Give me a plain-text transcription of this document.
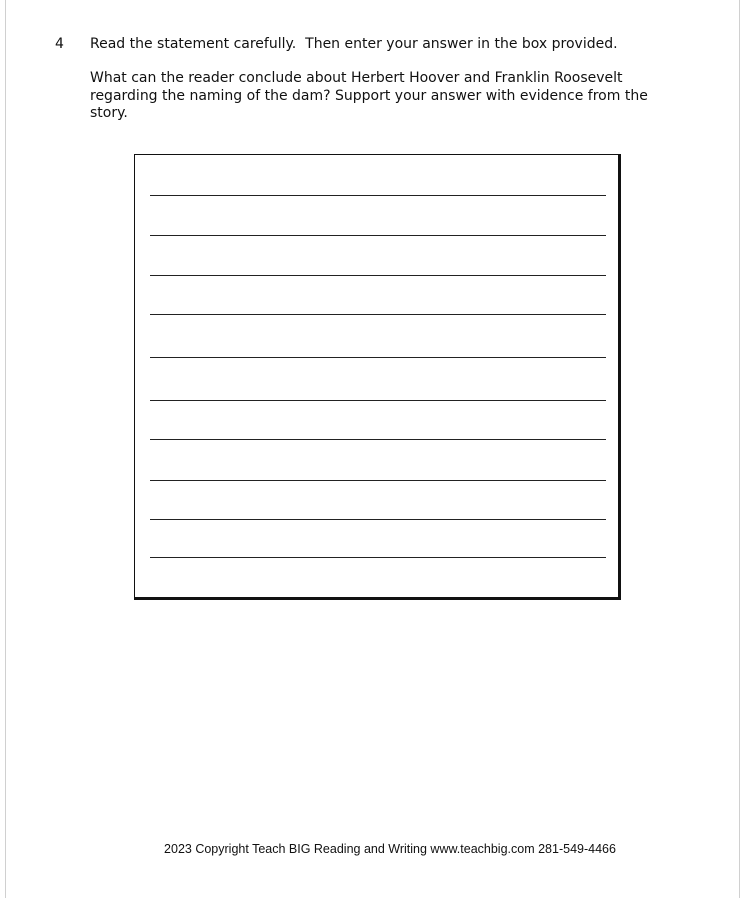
4 Read the statement carefully.  Then enter your answer in the box provided.
What can the reader conclude about Herbert Hoover and Franklin Roosevelt regarding the naming of the dam? Support your answer with evidence from the story.
2023 Copyright Teach BIG Reading and Writing www.teachbig.com 281-549-4466
